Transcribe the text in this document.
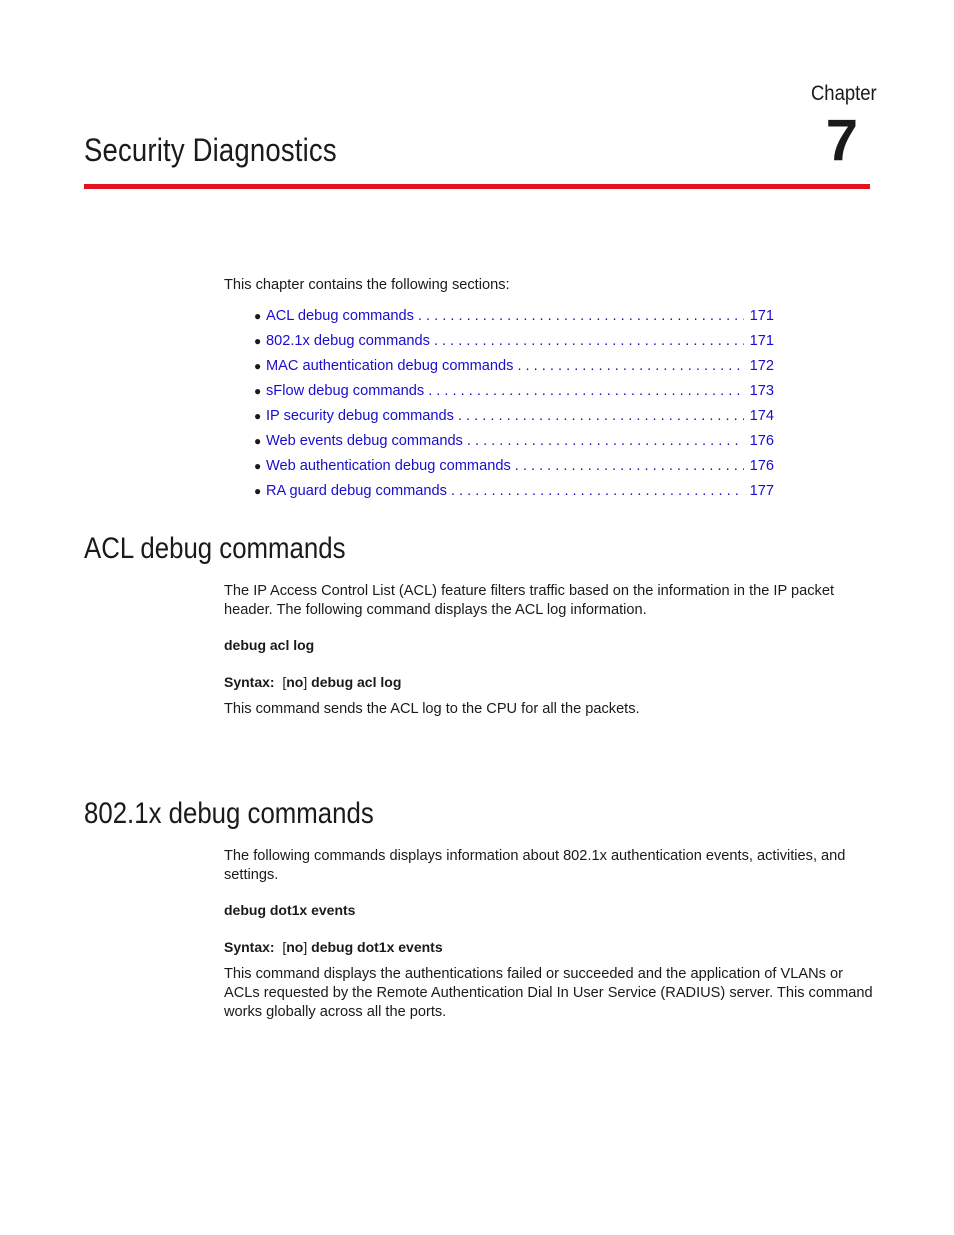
Chapter
7
Security Diagnostics

This chapter contains the following sections:

● ACL debug commands . . .	171
● 802.1x debug commands . . .	171
● MAC authentication debug commands . . .	172
● sFlow debug commands . . .	173
● IP security debug commands . . .	174
● Web events debug commands . . .	176
● Web authentication debug commands . . .	176
● RA guard debug commands . . .	177
ACL debug commands

The IP Access Control List (ACL) feature filters traffic based on the information in the IP packet header. The following command displays the ACL log information.

debug acl log

Syntax: [no] debug acl log

This command sends the ACL log to the CPU for all the packets.

802.1x debug commands

The following commands displays information about 802.1x authentication events, activities, and settings.

debug dot1x events

Syntax: [no] debug dot1x events

This command displays the authentications failed or succeeded and the application of VLANs or ACLs requested by the Remote Authentication Dial In User Service (RADIUS) server. This command works globally across all the ports.
